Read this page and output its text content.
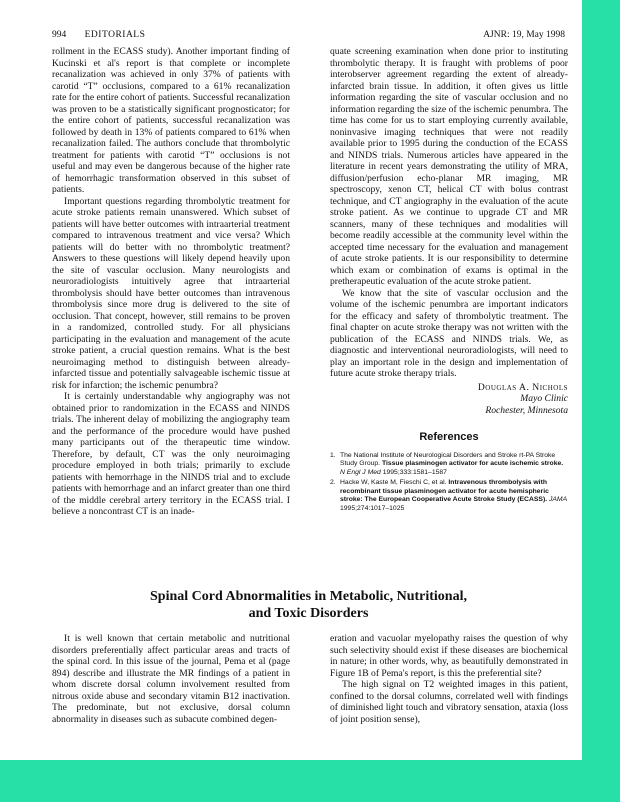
994 EDITORIALS	AJNR: 19, May 1998

rollment in the ECASS study). Another important finding of Kucinski et al's report is that complete or incomplete recanalization was achieved in only 37% of patients with carotid “T” occlusions, compared to a 61% recanalization rate for the entire cohort of patients. Successful recanalization was proven to be a statistically significant prognosticator; for the entire cohort of patients, successful recanalization was followed by death in 13% of patients compared to 61% when recanalization failed. The authors conclude that thrombolytic treatment for patients with carotid “T” occlusions is not useful and may even be dangerous because of the higher rate of hemorrhagic transformation observed in this subset of patients.

Important questions regarding thrombolytic treatment for acute stroke patients remain unanswered. Which subset of patients will have better outcomes with intraarterial treatment compared to intravenous treatment and vice versa? Which patients will do better with no thrombolytic treatment? Answers to these questions will likely depend heavily upon the site of vascular occlusion. Many neurologists and neuroradiologists intuitively agree that intraarterial thrombolysis should have better outcomes than intravenous thrombolysis since more drug is delivered to the site of occlusion. That concept, however, still remains to be proven in a randomized, controlled study. For all physicians participating in the evaluation and management of the acute stroke patient, a crucial question remains. What is the best neuroimaging method to distinguish between already-infarcted tissue and potentially salvageable ischemic tissue at risk for infarction; the ischemic penumbra?

It is certainly understandable why angiography was not obtained prior to randomization in the ECASS and NINDS trials. The inherent delay of mobilizing the angiography team and the performance of the procedure would have pushed many participants out of the therapeutic time window. Therefore, by default, CT was the only neuroimaging procedure employed in both trials; primarily to exclude patients with hemorrhage in the NINDS trial and to exclude patients with hemorrhage and an infarct greater than one third of the middle cerebral artery territory in the ECASS trial. I believe a noncontrast CT is an inade-

quate screening examination when done prior to instituting thrombolytic therapy. It is fraught with problems of poor interobserver agreement regarding the extent of already-infarcted brain tissue. In addition, it often gives us little information regarding the site of vascular occlusion and no information regarding the size of the ischemic penumbra. The time has come for us to start employing currently available, noninvasive imaging techniques that were not readily available prior to 1995 during the conduction of the ECASS and NINDS trials. Numerous articles have appeared in the literature in recent years demonstrating the utility of MRA, diffusion/perfusion echo-planar MR imaging, MR spectroscopy, xenon CT, helical CT with bolus contrast technique, and CT angiography in the evaluation of the acute stroke patient. As we continue to upgrade CT and MR scanners, many of these techniques and modalities will become readily accessible at the community level within the accepted time necessary for the evaluation and management of acute stroke patients. It is our responsibility to determine which exam or combination of exams is optimal in the pretherapeutic evaluation of the acute stroke patient.

We know that the site of vascular occlusion and the volume of the ischemic penumbra are important indicators for the efficacy and safety of thrombolytic treatment. The final chapter on acute stroke therapy was not written with the publication of the ECASS and NINDS trials. We, as diagnostic and interventional neuroradiologists, will need to play an important role in the design and implementation of future acute stroke therapy trials.

Douglas A. Nichols
Mayo Clinic
Rochester, Minnesota
References
1. The National Institute of Neurological Disorders and Stroke rt-PA Stroke Study Group. Tissue plasminogen activator for acute ischemic stroke. N Engl J Med 1995;333:1581–1587
2. Hacke W, Kaste M, Fieschi C, et al. Intravenous thrombolysis with recombinant tissue plasminogen activator for acute hemispheric stroke: The European Cooperative Acute Stroke Study (ECASS). JAMA 1995;274:1017–1025
Spinal Cord Abnormalities in Metabolic, Nutritional,
and Toxic Disorders

It is well known that certain metabolic and nutritional disorders preferentially affect particular areas and tracts of the spinal cord. In this issue of the journal, Pema et al (page 894) describe and illustrate the MR findings of a patient in whom discrete dorsal column involvement resulted from nitrous oxide abuse and secondary vitamin B12 inactivation. The predominate, but not exclusive, dorsal column abnormality in diseases such as subacute combined degen-

eration and vacuolar myelopathy raises the question of why such selectivity should exist if these diseases are biochemical in nature; in other words, why, as beautifully demonstrated in Figure 1B of Pema's report, is this the preferential site?

The high signal on T2 weighted images in this patient, confined to the dorsal columns, correlated well with findings of diminished light touch and vibratory sensation, ataxia (loss of joint position sense),
